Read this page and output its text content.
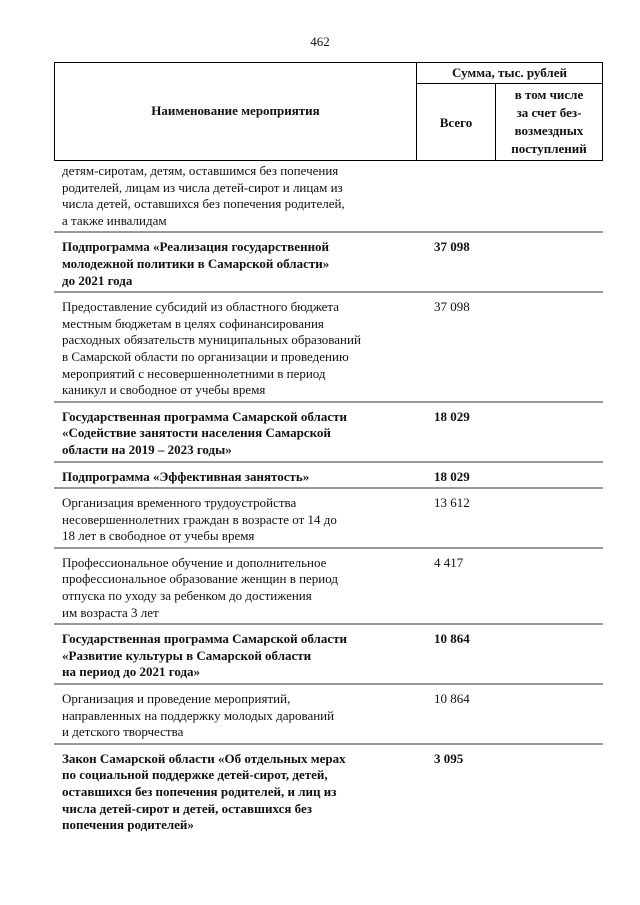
462
Наименование мероприятия
Сумма, тыс. рублей
Всего
в том числе
за счет без-
возмездных
поступлений
детям-сиротам, детям, оставшимся без попечения
родителей, лицам из числа детей-сирот и лицам из
числа детей, оставшихся без попечения родителей,
а также инвалидам
Подпрограмма «Реализация государственной
молодежной политики в Самарской области»
до 2021 года
37 098
Предоставление субсидий из областного бюджета
местным бюджетам в целях софинансирования
расходных обязательств муниципальных образований
в Самарской области по организации и проведению
мероприятий с несовершеннолетними в период
каникул и свободное от учебы время
37 098
Государственная программа Самарской области
«Содействие занятости населения Самарской
области на 2019 – 2023 годы»
18 029
Подпрограмма «Эффективная занятость»	18 029
Организация временного трудоустройства
несовершеннолетних граждан в возрасте от 14 до
18 лет в свободное от учебы время
13 612
Профессиональное обучение и дополнительное
профессиональное образование женщин в период
отпуска по уходу за ребенком до достижения
им возраста 3 лет
4 417
Государственная программа Самарской области
«Развитие культуры в Самарской области
на период до 2021 года»
10 864
Организация и проведение мероприятий,
направленных на поддержку молодых дарований
и детского творчества
10 864
Закон Самарской области «Об отдельных мерах
по социальной поддержке детей-сирот, детей,
оставшихся без попечения родителей, и лиц из
числа детей-сирот и детей, оставшихся без
попечения родителей»
3 095
